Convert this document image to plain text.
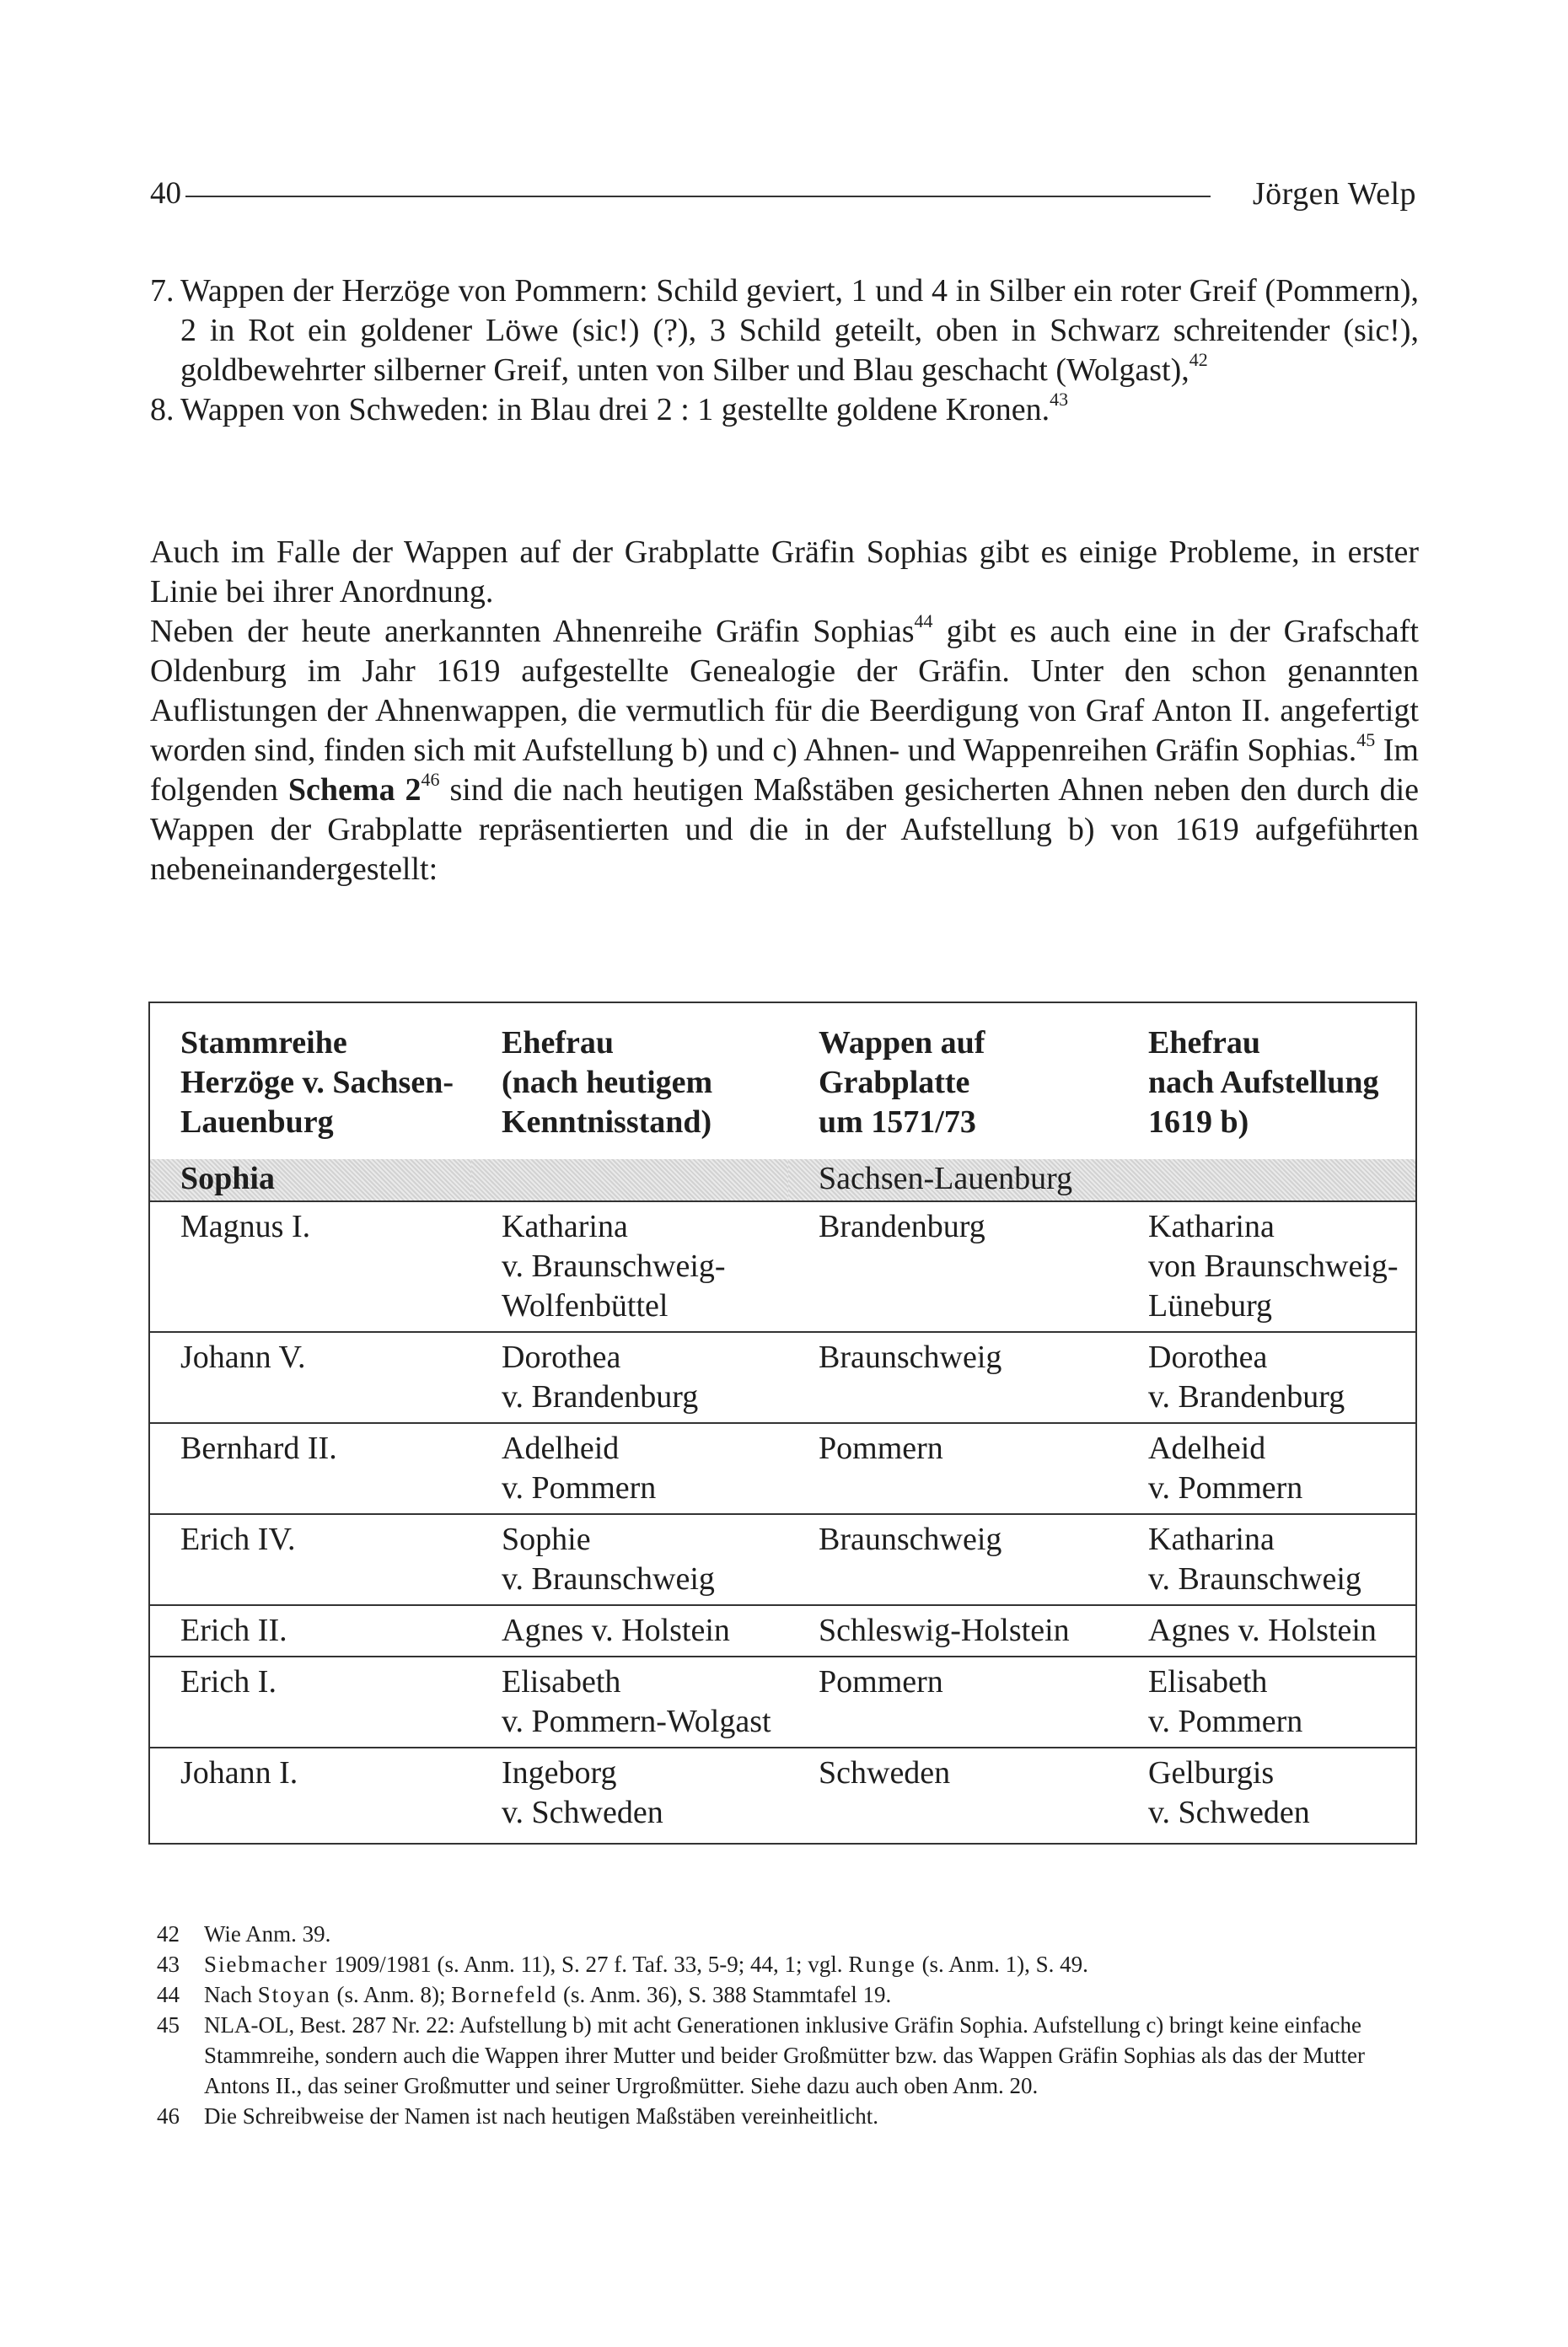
40	Jörgen Welp
7. Wappen der Herzöge von Pommern: Schild geviert, 1 und 4 in Silber ein roter Greif (Pommern), 2 in Rot ein goldener Löwe (sic!) (?), 3 Schild geteilt, oben in Schwarz schreitender (sic!), goldbewehrter silberner Greif, unten von Silber und Blau geschacht (Wolgast),$^{42}$
8. Wappen von Schweden: in Blau drei 2 : 1 gestellte goldene Kronen.$^{43}$

Auch im Falle der Wappen auf der Grabplatte Gräfin Sophias gibt es einige Probleme, in erster Linie bei ihrer Anordnung.

Neben der heute anerkannten Ahnenreihe Gräfin Sophias$^{44}$ gibt es auch eine in der Grafschaft Oldenburg im Jahr 1619 aufgestellte Genealogie der Gräfin. Unter den schon genannten Auflistungen der Ahnenwappen, die vermutlich für die Beerdigung von Graf Anton II. angefertigt worden sind, finden sich mit Aufstellung b) und c) Ahnen- und Wappenreihen Gräfin Sophias.$^{45}$ Im folgenden Schema $2^{46}$ sind die nach heutigen Maßstäben gesicherten Ahnen neben den durch die Wappen der Grabplatte repräsentierten und die in der Aufstellung b) von 1619 aufgeführten nebeneinandergestellt:

Stammreihe
Herzöge v. Sachsen-
Lauenburg	Ehefrau
(nach heutigem
Kenntnisstand)	Wappen auf
Grabplatte
um 1571/73	Ehefrau
nach Aufstellung
1619 b)

Sophia		Sachsen-Lauenburg	

Magnus I.	Katharina
v. Braunschweig-
Wolfenbüttel	Brandenburg	Katharina
von Braunschweig-
Lüneburg

Johann V.	Dorothea
v. Brandenburg	Braunschweig	Dorothea
v. Brandenburg

Bernhard II.	Adelheid
v. Pommern	Pommern	Adelheid
v. Pommern

Erich IV.	Sophie
v. Braunschweig	Braunschweig	Katharina
v. Braunschweig

Erich II.	Agnes v. Holstein	Schleswig-Holstein	Agnes v. Holstein

Erich I.	Elisabeth
v. Pommern-Wolgast	Pommern	Elisabeth
v. Pommern

Johann I.	Ingeborg
v. Schweden	Schweden	Gelburgis
v. Schweden
42 Wie Anm. 39.
43 Siebmacher 1909/1981 (s. Anm. 11), S. 27 f. Taf. 33, 5-9; 44, 1; vgl. Runge (s. Anm. 1), S. 49.
44 Nach Stoyan (s. Anm. 8); Bornefeld (s. Anm. 36), S. 388 Stammtafel 19.
45 NLA-OL, Best. 287 Nr. 22: Aufstellung b) mit acht Generationen inklusive Gräfin Sophia. Aufstellung c) bringt keine einfache Stammreihe, sondern auch die Wappen ihrer Mutter und beider Großmütter bzw. das Wappen Gräfin Sophias als das der Mutter Antons II., das seiner Großmutter und seiner Urgroßmütter. Siehe dazu auch oben Anm. 20.
46 Die Schreibweise der Namen ist nach heutigen Maßstäben vereinheitlicht.
